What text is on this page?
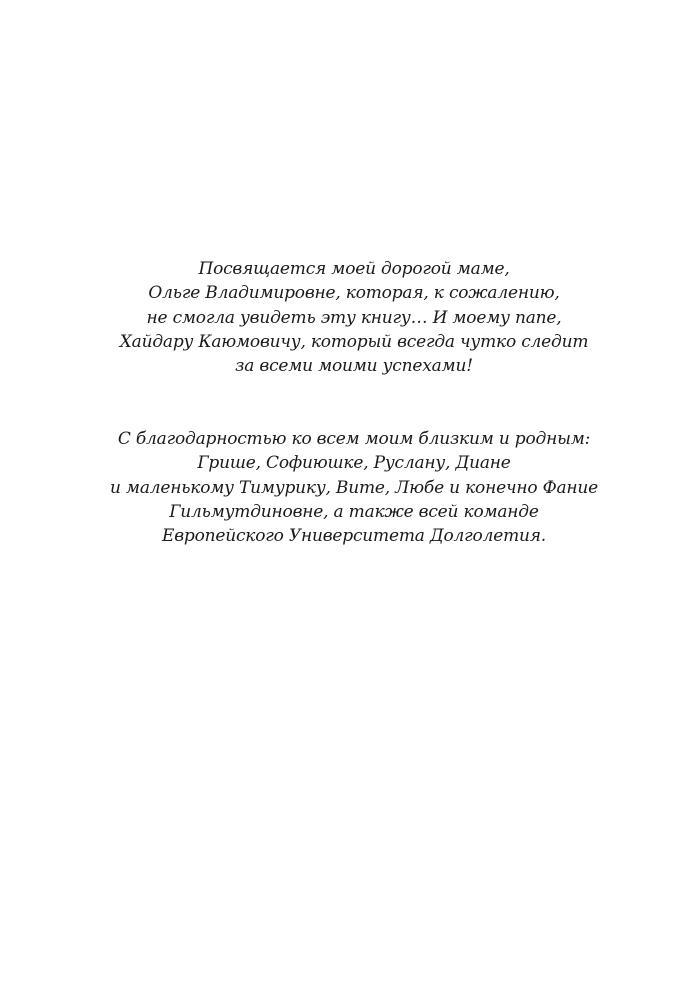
Посвящается моей дорогой маме,
Ольге Владимировне, которая, к сожалению,
не смогла увидеть эту книгу… И моему папе,
Хайдару Каюмовичу, который всегда чутко следит
за всеми моими успехами!
С благодарностью ко всем моим близким и родным:
Грише, Софиюшке, Руслану, Диане
и маленькому Тимурику, Вите, Любе и конечно Фание
Гильмутдиновне, а также всей команде
Европейского Университета Долголетия.
